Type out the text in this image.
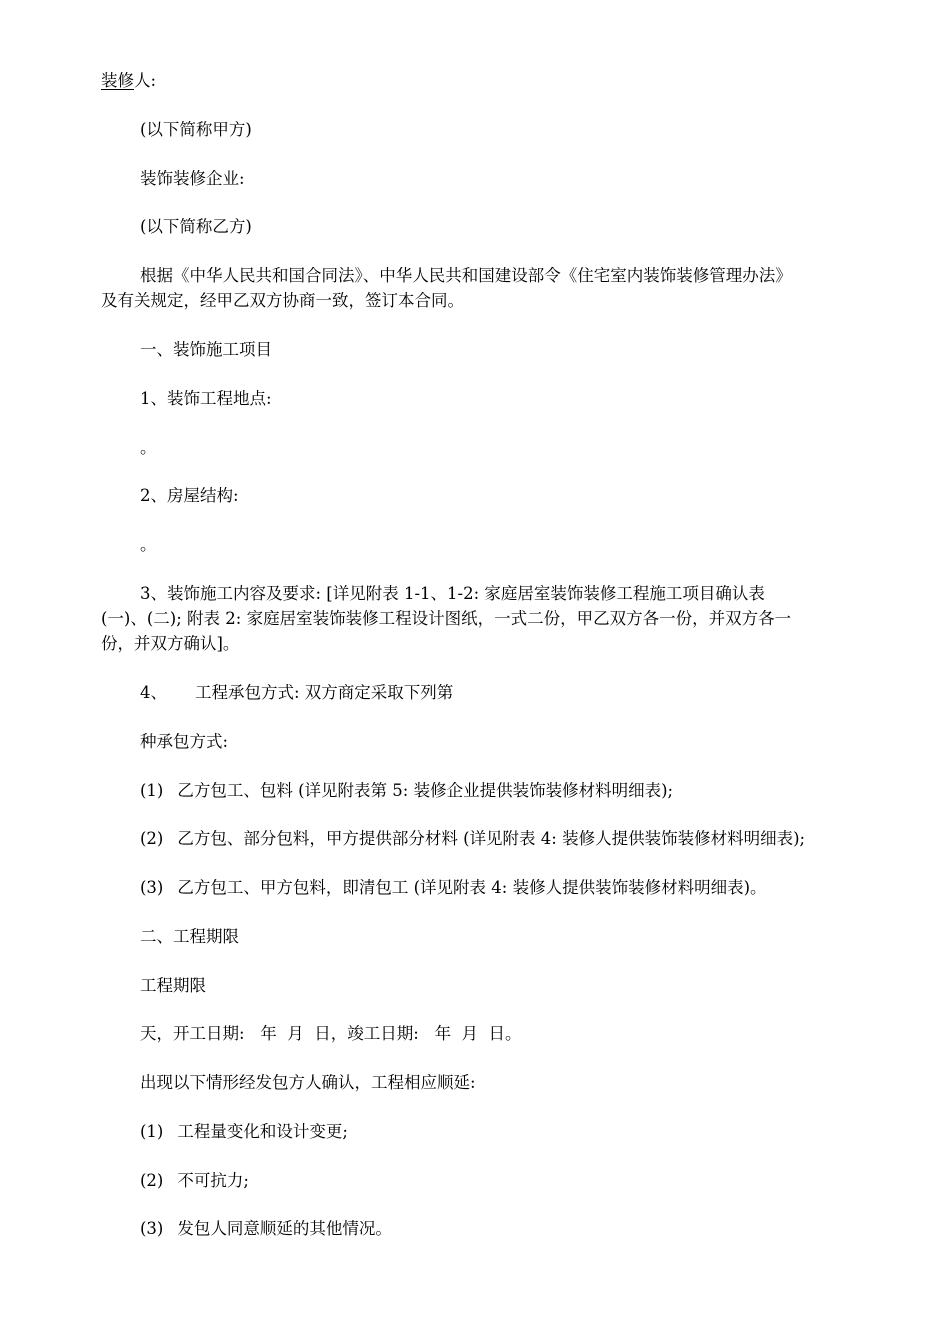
装修人:

(以下简称甲方)

装饰装修企业:

(以下简称乙方)

根据《中华人民共和国合同法》、中华人民共和国建设部令《住宅室内装饰装修管理办法》

及有关规定，经甲乙双方协商一致，签订本合同。

一、装饰施工项目

1、装饰工程地点:

。

2、房屋结构:

。

3、装饰施工内容及要求: [详见附表 1-1、1-2: 家庭居室装饰装修工程施工项目确认表

(一)、(二); 附表 2: 家庭居室装饰装修工程设计图纸，一式二份，甲乙双方各一份，并双方各一

份，并双方确认]。

4、 工程承包方式: 双方商定采取下列第

种承包方式:

(1) 乙方包工、包料 (详见附表第 5: 装修企业提供装饰装修材料明细表);

(2) 乙方包、部分包料，甲方提供部分材料 (详见附表 4: 装修人提供装饰装修材料明细表);

(3) 乙方包工、甲方包料，即清包工 (详见附表 4: 装修人提供装饰装修材料明细表)。

二、工程期限

工程期限

天，开工日期:   年  月  日，竣工日期:   年  月  日。

出现以下情形经发包方人确认，工程相应顺延:

(1) 工程量变化和设计变更;

(2) 不可抗力;

(3) 发包人同意顺延的其他情况。
